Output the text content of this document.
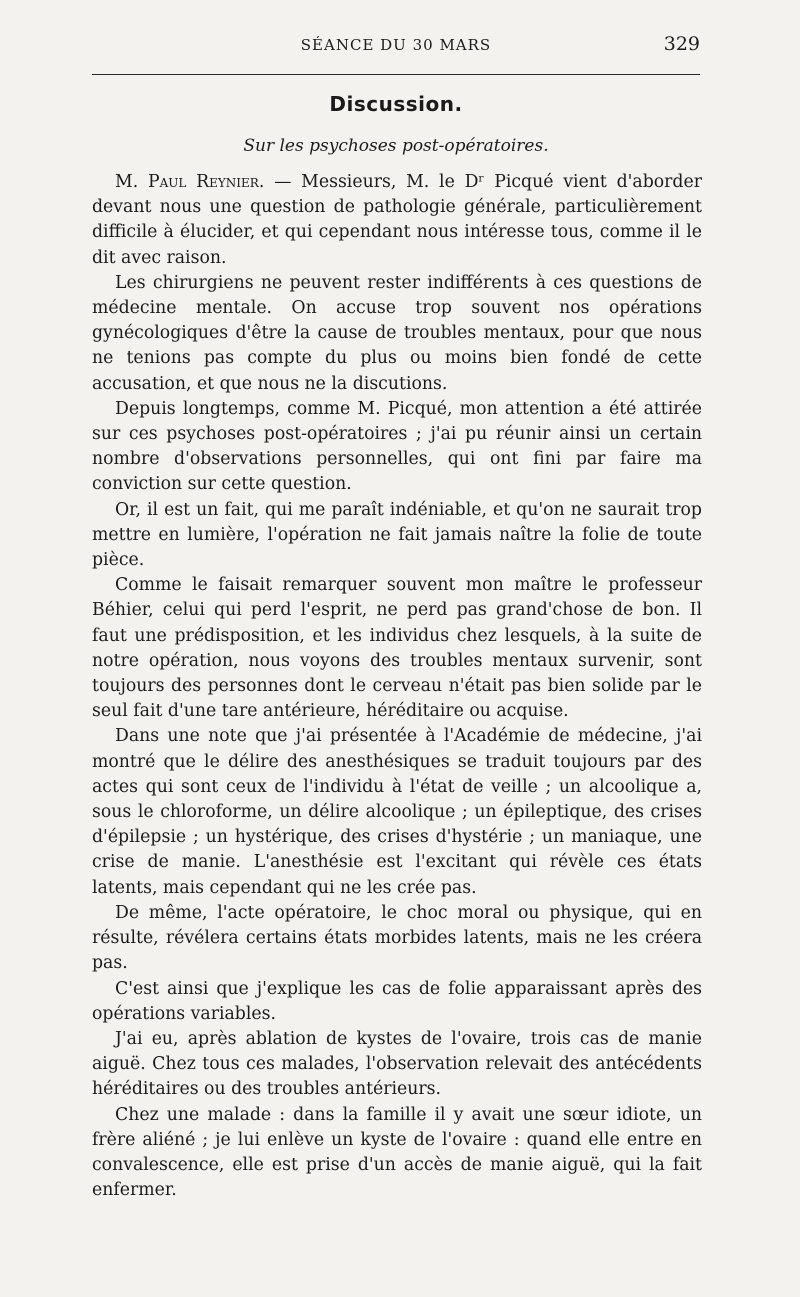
SÉANCE DU 30 MARS	329
Discussion.
Sur les psychoses post-opératoires.

M. Paul Reynier. — Messieurs, M. le Dʳ Picqué vient d'aborder devant nous une question de pathologie générale, particulièrement difficile à élucider, et qui cependant nous intéresse tous, comme il le dit avec raison.

Les chirurgiens ne peuvent rester indifférents à ces questions de médecine mentale. On accuse trop souvent nos opérations gynécologiques d'être la cause de troubles mentaux, pour que nous ne tenions pas compte du plus ou moins bien fondé de cette accusation, et que nous ne la discutions.

Depuis longtemps, comme M. Picqué, mon attention a été attirée sur ces psychoses post-opératoires ; j'ai pu réunir ainsi un certain nombre d'observations personnelles, qui ont fini par faire ma conviction sur cette question.

Or, il est un fait, qui me paraît indéniable, et qu'on ne saurait trop mettre en lumière, l'opération ne fait jamais naître la folie de toute pièce.

Comme le faisait remarquer souvent mon maître le professeur Béhier, celui qui perd l'esprit, ne perd pas grand'chose de bon. Il faut une prédisposition, et les individus chez lesquels, à la suite de notre opération, nous voyons des troubles mentaux survenir, sont toujours des personnes dont le cerveau n'était pas bien solide par le seul fait d'une tare antérieure, héréditaire ou acquise.

Dans une note que j'ai présentée à l'Académie de médecine, j'ai montré que le délire des anesthésiques se traduit toujours par des actes qui sont ceux de l'individu à l'état de veille ; un alcoolique a, sous le chloroforme, un délire alcoolique ; un épileptique, des crises d'épilepsie ; un hystérique, des crises d'hystérie ; un maniaque, une crise de manie. L'anesthésie est l'excitant qui révèle ces états latents, mais cependant qui ne les crée pas.

De même, l'acte opératoire, le choc moral ou physique, qui en résulte, révélera certains états morbides latents, mais ne les créera pas.

C'est ainsi que j'explique les cas de folie apparaissant après des opérations variables.

J'ai eu, après ablation de kystes de l'ovaire, trois cas de manie aiguë. Chez tous ces malades, l'observation relevait des antécédents héréditaires ou des troubles antérieurs.

Chez une malade : dans la famille il y avait une sœur idiote, un frère aliéné ; je lui enlève un kyste de l'ovaire : quand elle entre en convalescence, elle est prise d'un accès de manie aiguë, qui la fait enfermer.
